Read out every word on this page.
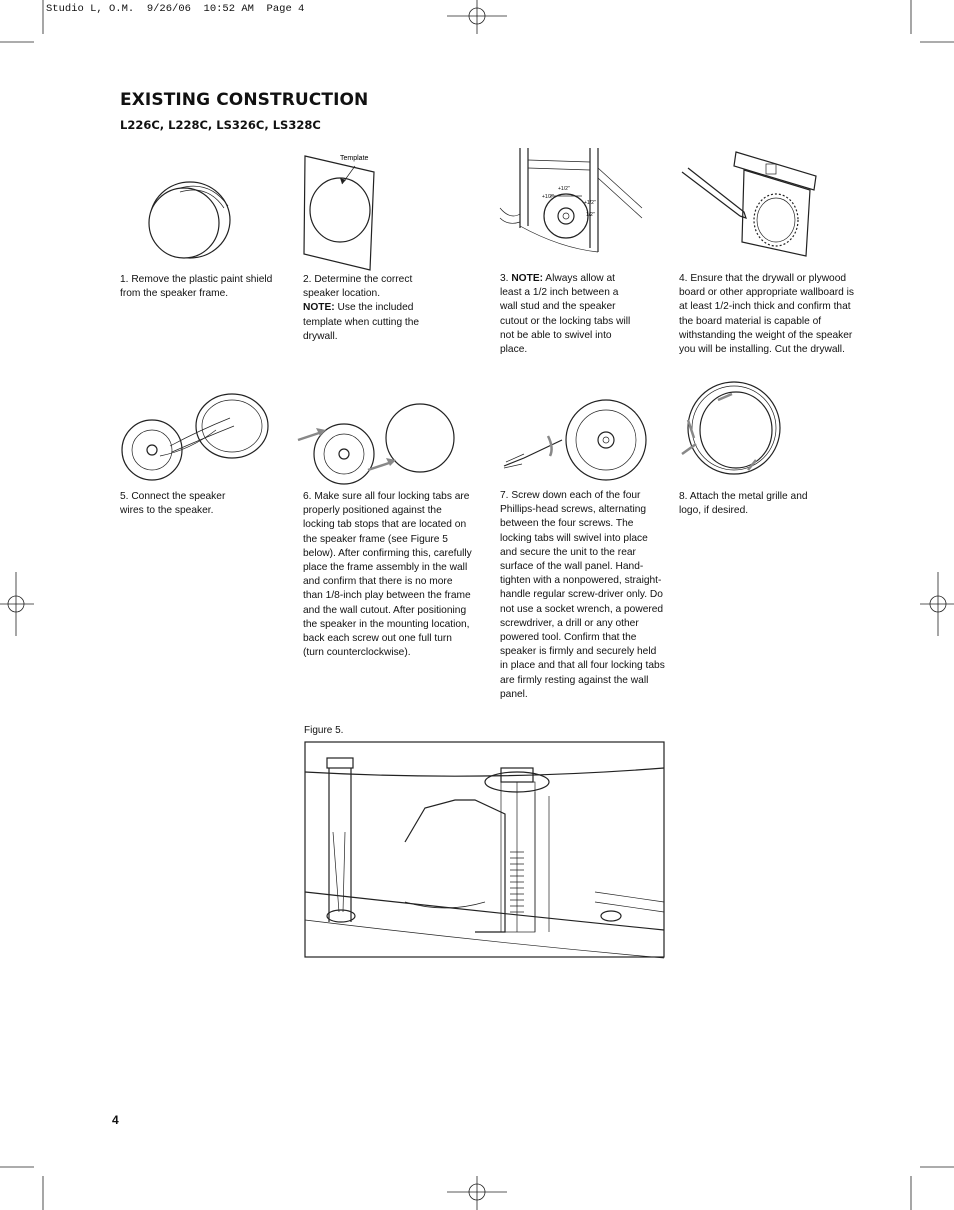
Studio L, O.M.  9/26/06  10:52 AM  Page 4
EXISTING CONSTRUCTION
L226C, L228C, LS326C, LS328C
Template
+1/2"
+1/2"
+1/2"
1/2"
1. Remove the plastic paint shield from the speaker frame.
2. Determine the correct speaker location.
NOTE: Use the included template when cutting the drywall.
3. NOTE: Always allow at least a 1/2 inch between a wall stud and the speaker cutout or the locking tabs will not be able to swivel into place.
4. Ensure that the drywall or plywood board or other appropriate wallboard is at least 1/2-inch thick and confirm that the board material is capable of withstanding the weight of the speaker you will be installing. Cut the drywall.
5. Connect the speaker wires to the speaker.
6. Make sure all four locking tabs are properly positioned against the locking tab stops that are located on the speaker frame (see Figure 5 below). After confirming this, carefully place the frame assembly in the wall and confirm that there is no more than 1/8-inch play between the frame and the wall cutout. After positioning the speaker in the mounting location, back each screw out one full turn (turn counterclockwise).
7. Screw down each of the four Phillips-head screws, alternating between the four screws. The locking tabs will swivel into place and secure the unit to the rear surface of the wall panel. Hand-tighten with a nonpowered, straight-handle regular screw-driver only. Do not use a socket wrench, a powered screwdriver, a drill or any other powered tool. Confirm that the speaker is firmly and securely held in place and that all four locking tabs are firmly resting against the wall panel.
8. Attach the metal grille and logo, if desired.
Figure 5.
4
